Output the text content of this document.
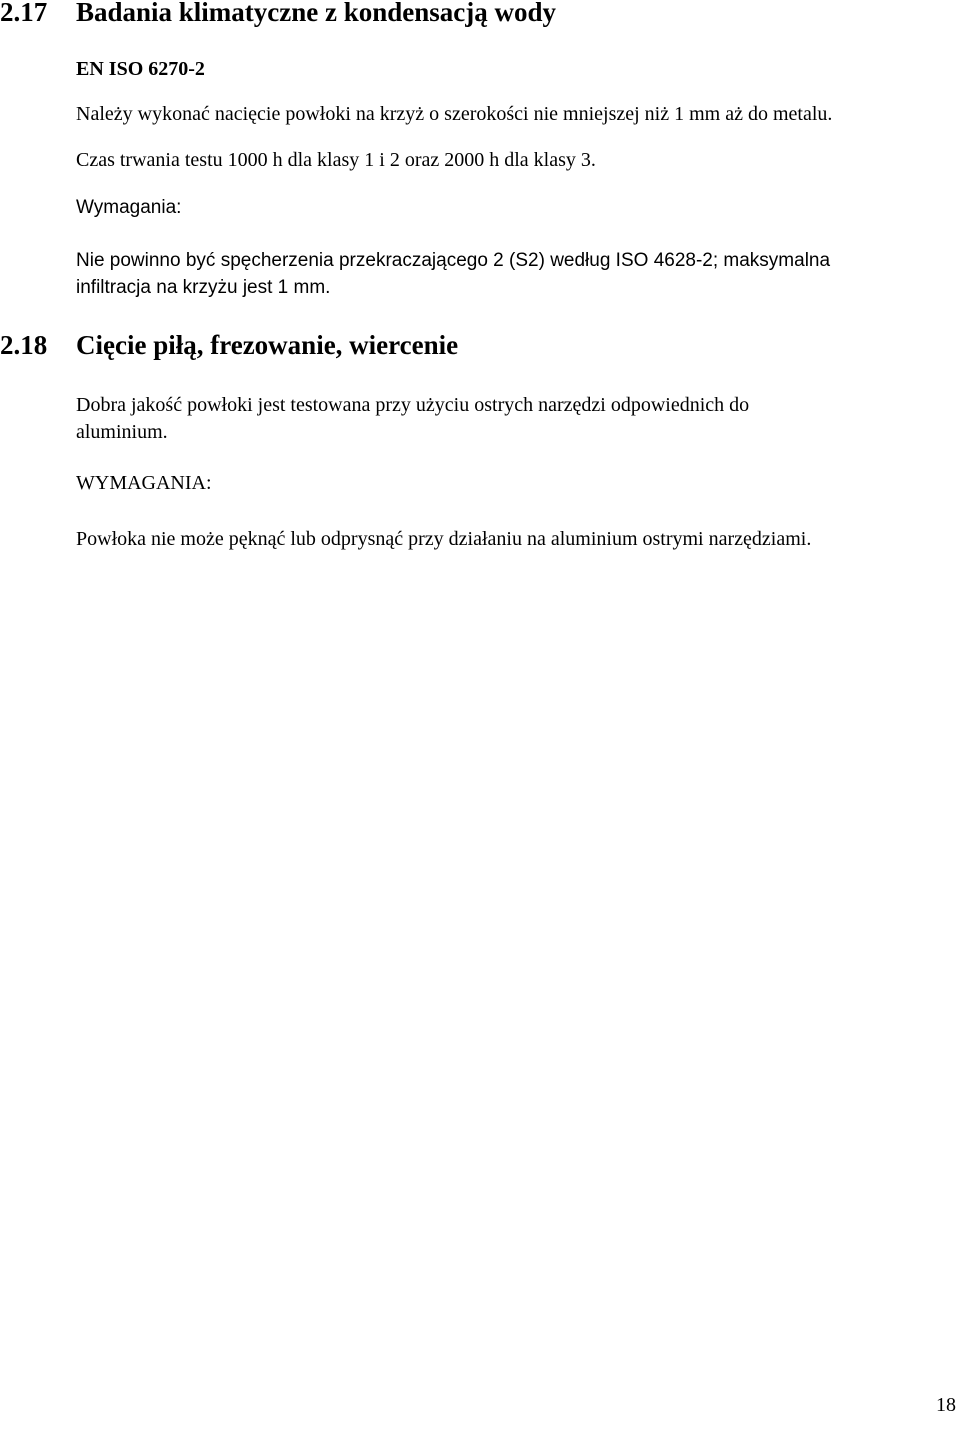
2.17 Badania klimatyczne z kondensacją wody
EN ISO 6270-2
Należy wykonać nacięcie powłoki na krzyż o szerokości nie mniejszej niż 1 mm aż do metalu.
Czas trwania testu 1000 h dla klasy 1 i 2 oraz 2000 h dla klasy 3.
Wymagania:
Nie powinno być spęcherzenia przekraczającego 2 (S2) według ISO 4628-2; maksymalna
infiltracja na krzyżu jest 1 mm.
2.18 Cięcie piłą, frezowanie, wiercenie
Dobra jakość powłoki jest testowana przy użyciu ostrych narzędzi odpowiednich do
aluminium.
WYMAGANIA:
Powłoka nie może pęknąć lub odprysnąć przy działaniu na aluminium ostrymi narzędziami.
18
